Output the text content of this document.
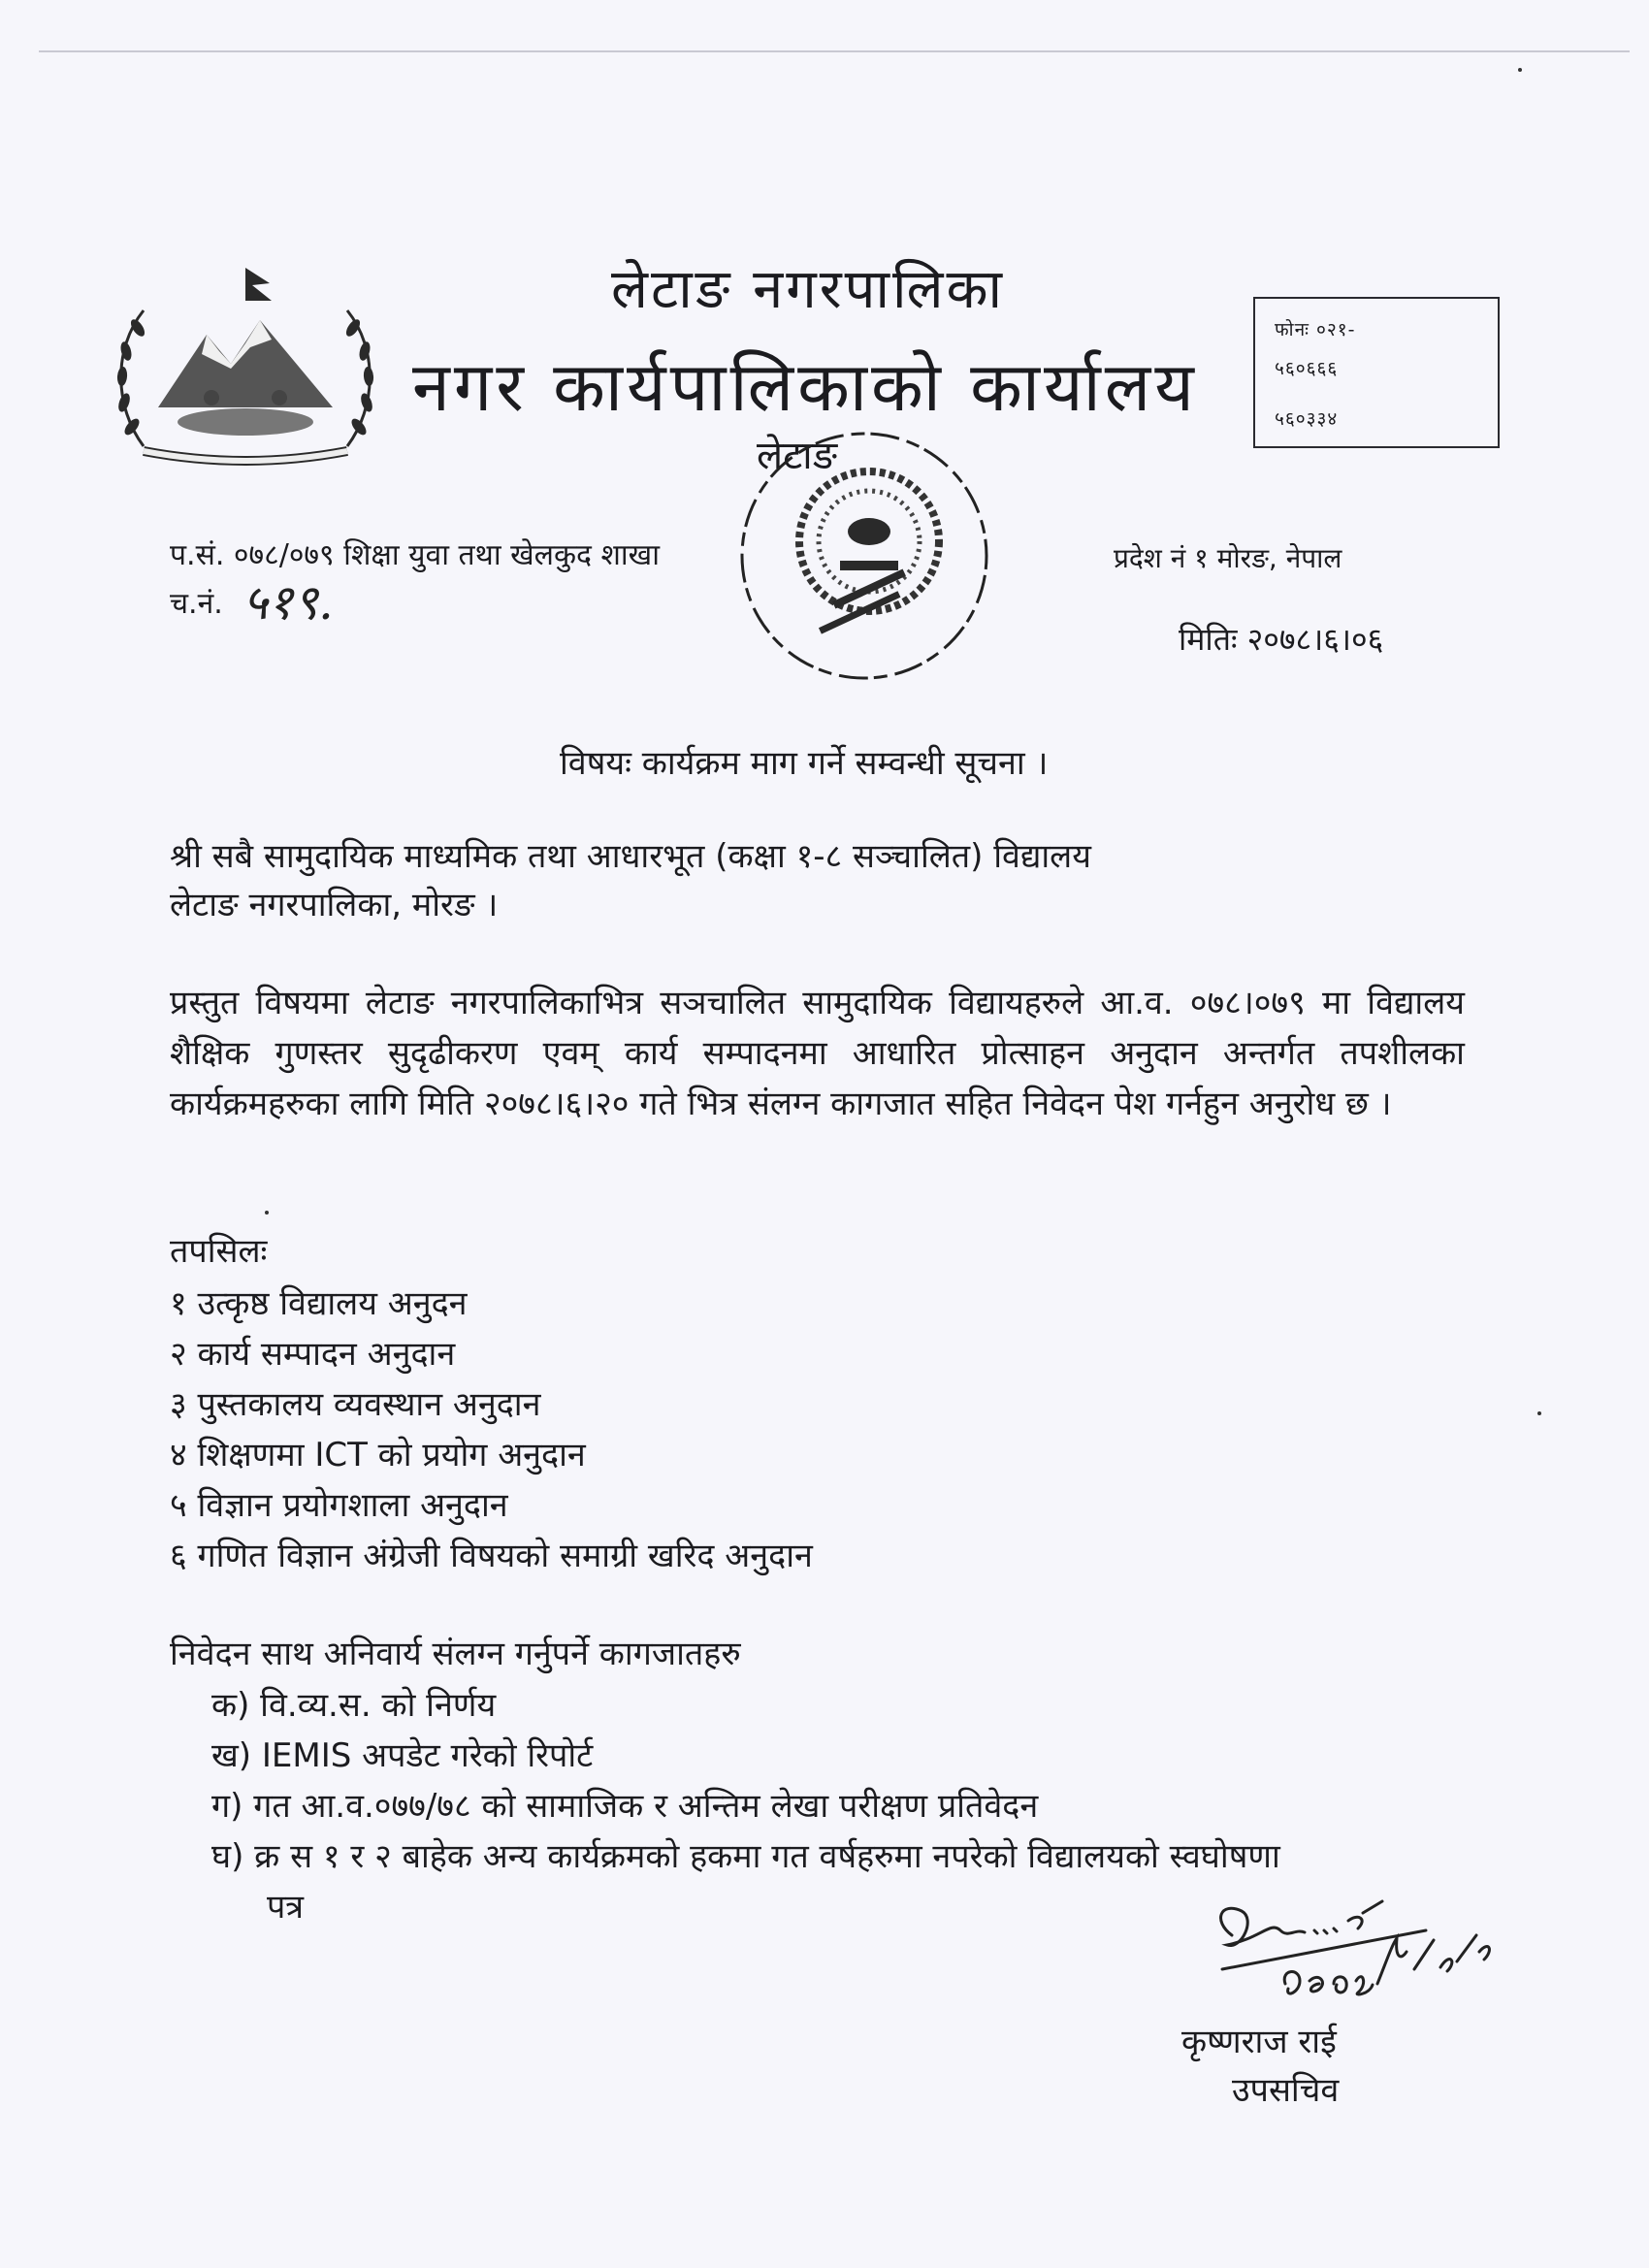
लेटाङ नगरपालिका
नगर कार्यपालिकाको कार्यालय
लेटाङ
फोनः ०२१-
५६०६६६
५६०३३४
प.सं. ०७८/०७९ शिक्षा युवा तथा खेलकुद शाखा
च.नं. ५१९.
प्रदेश नं १ मोरङ, नेपाल
मितिः २०७८।६।०६
विषयः कार्यक्रम माग गर्ने सम्वन्धी सूचना ।
श्री सबै सामुदायिक माध्यमिक तथा आधारभूत (कक्षा १-८ सञ्चालित) विद्यालय
लेटाङ नगरपालिका, मोरङ ।

प्रस्तुत विषयमा लेटाङ नगरपालिकाभित्र सञचालित सामुदायिक विद्यायहरुले आ.व. ०७८।०७९ मा विद्यालय शैक्षिक गुणस्तर सुदृढीकरण एवम् कार्य सम्पादनमा आधारित प्रोत्साहन अनुदान अन्तर्गत तपशीलका कार्यक्रमहरुका लागि मिति २०७८।६।२० गते भित्र संलग्न कागजात सहित निवेदन पेश गर्नहुन अनुरोध छ ।

तपसिलः
१ उत्कृष्ठ विद्यालय अनुदन
२ कार्य सम्पादन अनुदान
३ पुस्तकालय व्यवस्थान अनुदान
४ शिक्षणमा ICT को प्रयोग अनुदान
५ विज्ञान प्रयोगशाला अनुदान
६ गणित विज्ञान अंग्रेजी विषयको समाग्री खरिद अनुदान
निवेदन साथ अनिवार्य संलग्न गर्नुपर्ने कागजातहरु
क) वि.व्य.स. को निर्णय
ख) IEMIS अपडेट गरेको रिपोर्ट
ग) गत आ.व.०७७/७८ को सामाजिक र अन्तिम लेखा परीक्षण प्रतिवेदन
घ) क्र स १ र २ बाहेक अन्य कार्यक्रमको हकमा गत वर्षहरुमा नपरेको विद्यालयको स्वघोषणा
पत्र
कृष्णराज राई
उपसचिव
